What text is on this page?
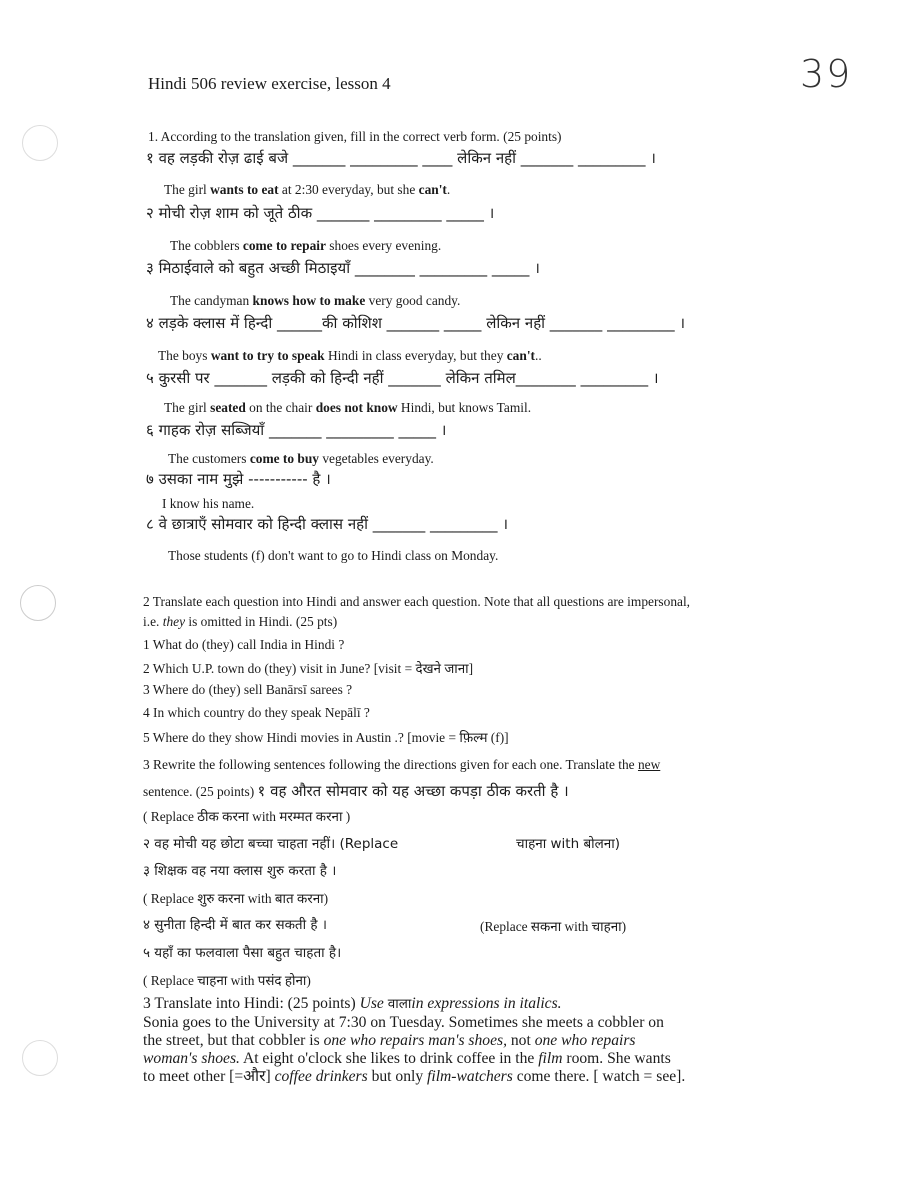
Hindi 506 review exercise, lesson 4	39
1. According to the translation given, fill in the correct verb form. (25 points)
१ वह लड़की रोज़ ढाई बजे _______ _________ ____ लेकिन नहीं _______ _________ ।
The girl wants to eat at 2:30 everyday, but she can't.
२ मोची रोज़ शाम को जूते ठीक _______ _________ _____ ।
The cobblers come to repair shoes every evening.
३ मिठाईवाले को बहुत अच्छी मिठाइयाँ ________ _________ _____ ।
The candyman knows how to make very good candy.
४ लड़के क्लास में हिन्दी ______की कोशिश _______ _____ लेकिन नहीं _______ _________ ।
The boys want to try to speak Hindi in class everyday, but they can't..
५ कुरसी पर _______ लड़की को हिन्दी नहीं _______ लेकिन तमिल________ _________ ।
The girl seated on the chair does not know Hindi, but knows Tamil.
६ गाहक रोज़ सब्जियाँ _______ _________ _____ ।
The customers come to buy vegetables everyday.
७ उसका नाम मुझे ----------- है ।
I know his name.
८ वे छात्राएँ सोमवार को हिन्दी क्लास नहीं _______ _________ ।
Those students (f) don't want to go to Hindi class on Monday.
2 Translate each question into Hindi and answer each question. Note that all questions are impersonal,
i.e. they is omitted in Hindi. (25 pts)
1 What do (they) call India in Hindi ?
2 Which U.P. town do (they) visit in June? [visit = देखने जाना]
3 Where do (they) sell Banārsī sarees ?
4 In which country do they speak Nepālī ?
5 Where do they show Hindi movies in Austin .? [movie = फ़िल्म (f)]
3 Rewrite the following sentences following the directions given for each one. Translate the new
sentence. (25 points) १ वह औरत सोमवार को यह अच्छा कपड़ा ठीक करती है ।
( Replace ठीक करना with मरम्मत करना )
२ वह मोची यह छोटा बच्चा चाहता नहीं। (Replace	चाहना with बोलना)
३ शिक्षक वह नया क्लास शुरु करता है ।
( Replace शुरु करना with बात करना)
४ सुनीता हिन्दी में बात कर सकती है ।	(Replace सकना with चाहना)
५ यहाँ का फलवाला पैसा बहुत चाहता है।
( Replace चाहना with पसंद होना)
3 Translate into Hindi: (25 points) Use वालाin expressions in italics.
Sonia goes to the University at 7:30 on Tuesday. Sometimes she meets a cobbler on
the street, but that cobbler is one who repairs man's shoes, not one who repairs
woman's shoes. At eight o'clock she likes to drink coffee in the film room. She wants
to meet other [=और] coffee drinkers but only film-watchers come there. [ watch = see].
